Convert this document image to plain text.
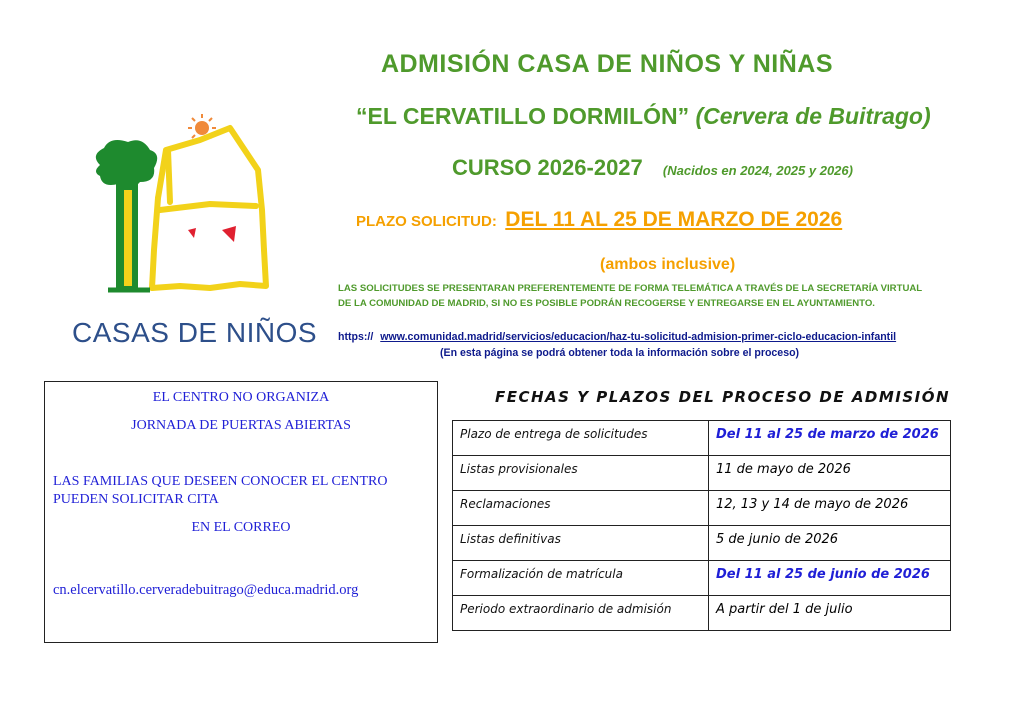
ADMISIÓN CASA DE NIÑOS Y NIÑAS
“EL CERVATILLO DORMILÓN” (Cervera de Buitrago)
CURSO 2026-2027 (Nacidos en 2024, 2025 y 2026)
PLAZO SOLICITUD: DEL 11 AL 25 DE MARZO DE 2026
(ambos inclusive)
LAS SOLICITUDES SE PRESENTARAN PREFERENTEMENTE DE FORMA TELEMÁTICA A TRAVÉS DE LA SECRETARÍA VIRTUAL
DE LA COMUNIDAD DE MADRID, SI NO ES POSIBLE PODRÁN RECOGERSE Y ENTREGARSE EN EL AYUNTAMIENTO.
https:// www.comunidad.madrid/servicios/educacion/haz-tu-solicitud-admision-primer-ciclo-educacion-infantil
(En esta página se podrá obtener toda la información sobre el proceso)
CASAS DE NIÑOS
EL CENTRO NO ORGANIZA
JORNADA DE PUERTAS ABIERTAS
LAS FAMILIAS QUE DESEEN CONOCER EL CENTRO
PUEDEN SOLICITAR CITA
EN EL CORREO
cn.elcervatillo.cerveradebuitrago@educa.madrid.org
FECHAS Y PLAZOS DEL PROCESO DE ADMISIÓN
Plazo de entrega de solicitudes	Del 11 al 25 de marzo de 2026
Listas provisionales	11 de mayo de 2026
Reclamaciones	12, 13 y 14 de mayo de 2026
Listas definitivas	5 de junio de 2026
Formalización de matrícula	Del 11 al 25 de junio de 2026
Periodo extraordinario de admisión	A partir del 1 de julio
